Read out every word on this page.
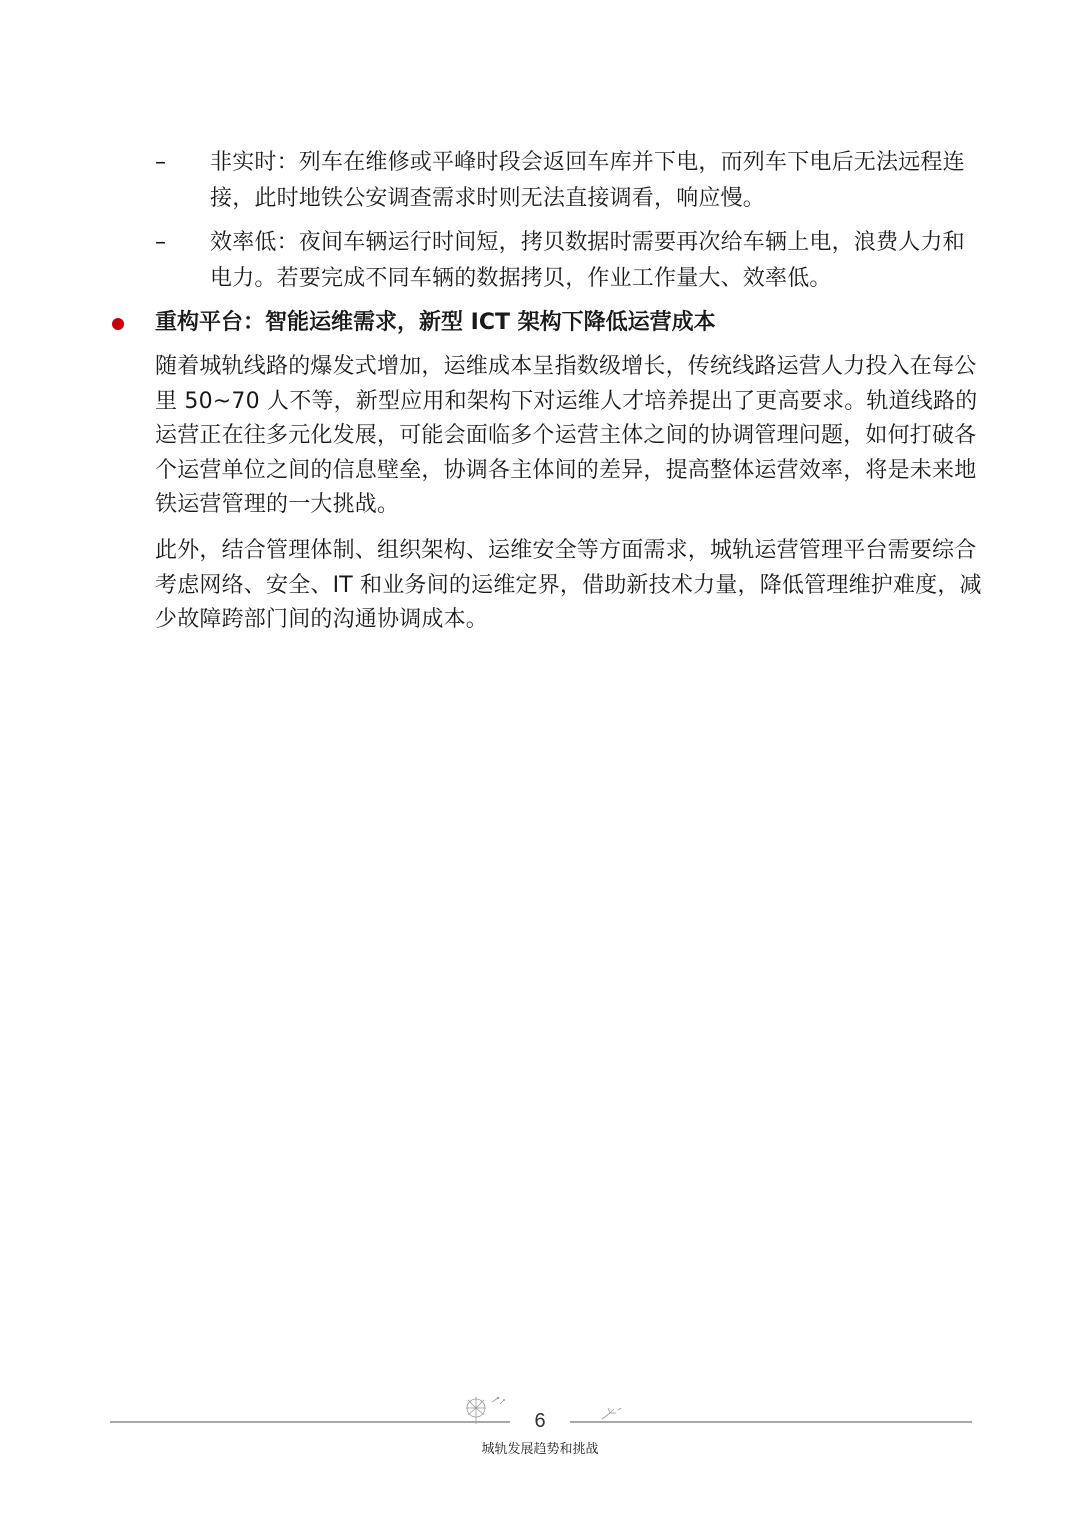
– 非实时：列车在维修或平峰时段会返回车库并下电，而列车下电后无法远程连接，此时地铁公安调查需求时则无法直接调看，响应慢。
– 效率低：夜间车辆运行时间短，拷贝数据时需要再次给车辆上电，浪费人力和电力。若要完成不同车辆的数据拷贝，作业工作量大、效率低。
重构平台：智能运维需求，新型 ICT 架构下降低运营成本
随着城轨线路的爆发式增加，运维成本呈指数级增长，传统线路运营人力投入在每公里 50~70 人不等，新型应用和架构下对运维人才培养提出了更高要求。轨道线路的运营正在往多元化发展，可能会面临多个运营主体之间的协调管理问题，如何打破各个运营单位之间的信息壁垒，协调各主体间的差异，提高整体运营效率，将是未来地铁运营管理的一大挑战。
此外，结合管理体制、组织架构、运维安全等方面需求，城轨运营管理平台需要综合考虑网络、安全、IT 和业务间的运维定界，借助新技术力量，降低管理维护难度，减少故障跨部门间的沟通协调成本。
6
城轨发展趋势和挑战
